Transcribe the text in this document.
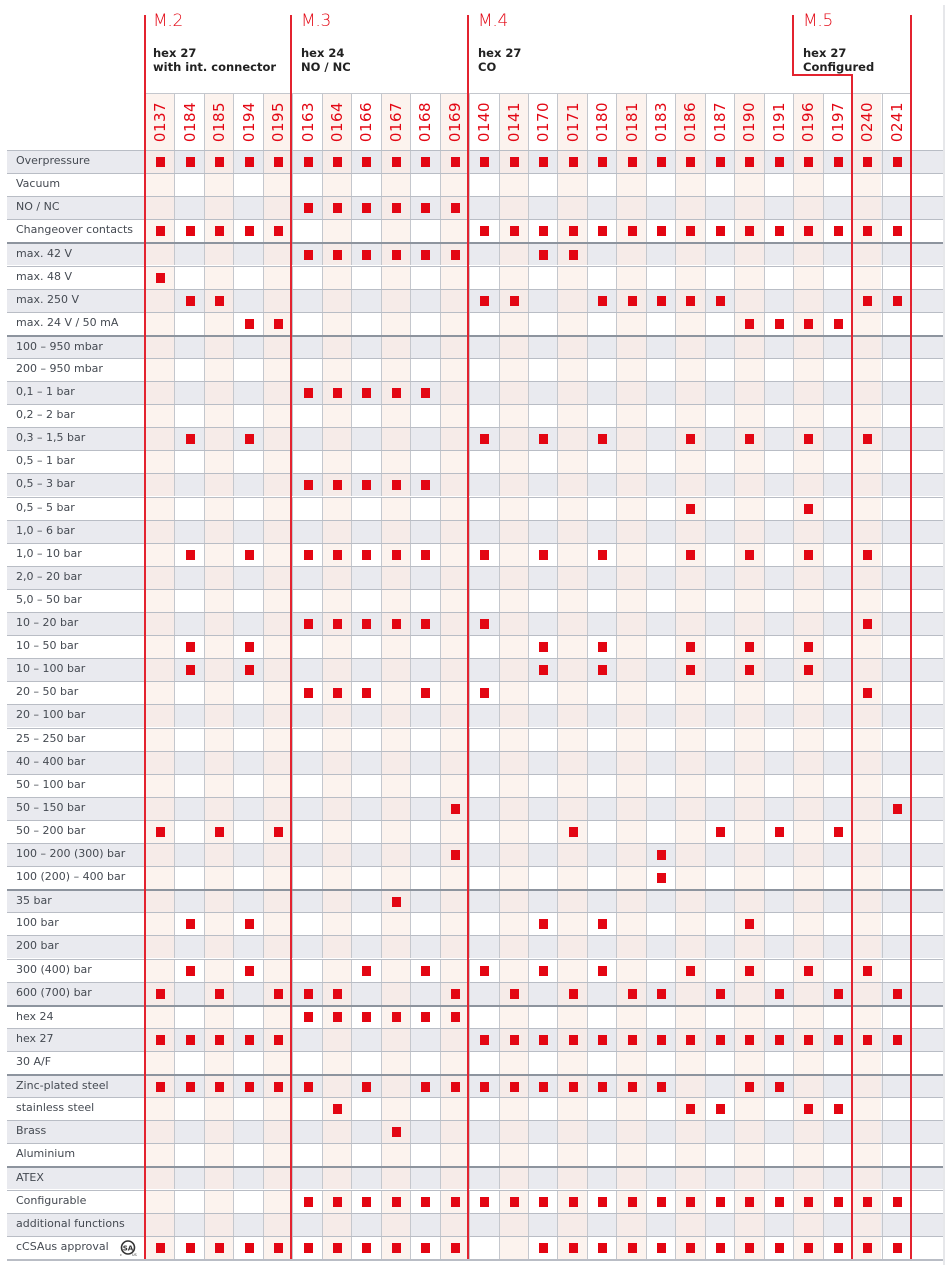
M.2
hex 27
with int. connector
M.3
hex 24
NO / NC
M.4
hex 27
CO
M.5
hex 27
Configured
0137 0184 0185 0194 0195 0163 0164 0166 0167 0168 0169 0140 0141 0170 0171 0180 0181 0183 0186 0187 0190 0191 0196 0197 0240 0241
Overpressure
Vacuum
NO / NC
Changeover contacts
max. 42 V
max. 48 V
max. 250 V
max. 24 V / 50 mA
100 – 950 mbar
200 – 950 mbar
0,1 – 1 bar
0,2 – 2 bar
0,3 – 1,5 bar
0,5 – 1 bar
0,5 – 3 bar
0,5 – 5 bar
1,0 – 6 bar
1,0 – 10 bar
2,0 – 20 bar
5,0 – 50 bar
10 – 20 bar
10 – 50 bar
10 – 100 bar
20 – 50 bar
20 – 100 bar
25 – 250 bar
40 – 400 bar
50 – 100 bar
50 – 150 bar
50 – 200 bar
100 – 200 (300) bar
100 (200) – 400 bar
35 bar
100 bar
200 bar
300 (400) bar
600 (700) bar
hex 24
hex 27
30 A/F
Zinc-plated steel
stainless steel
Brass
Aluminium
ATEX
Configurable
additional functions
cCSAus approval SA
c	US
